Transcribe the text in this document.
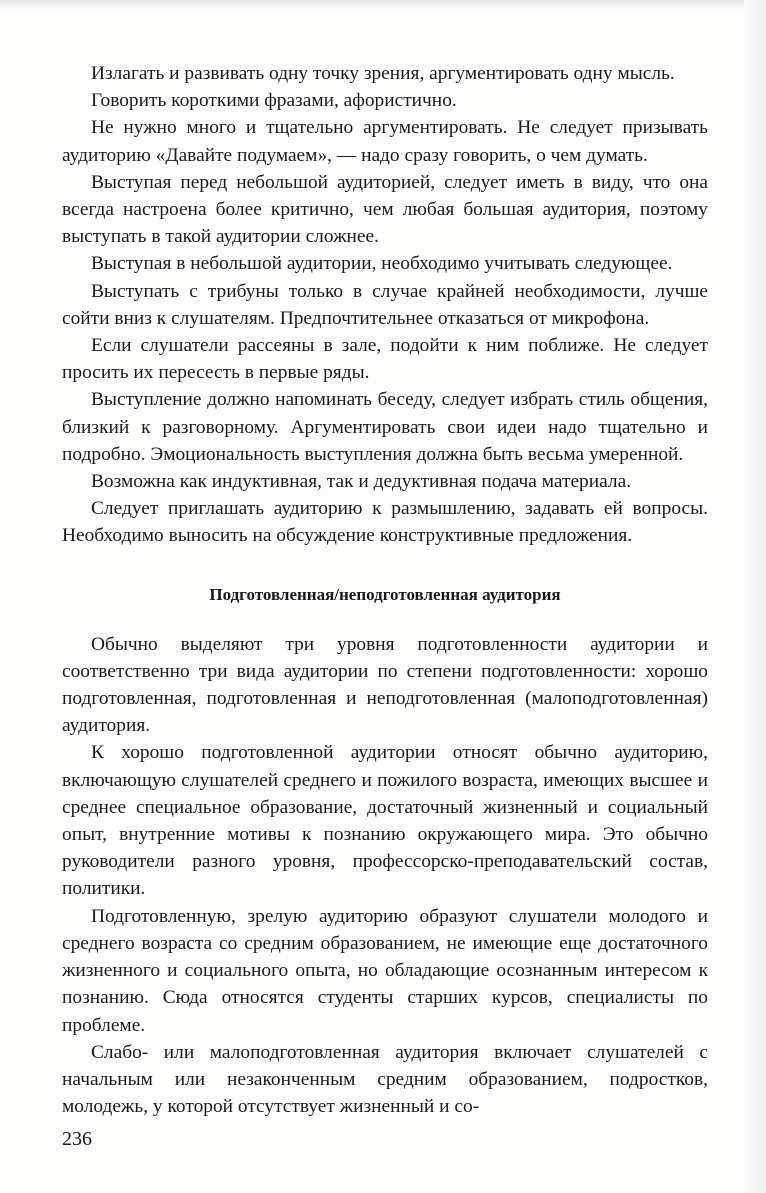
Излагать и развивать одну точку зрения, аргументировать одну мысль.

Говорить короткими фразами, афористично.

Не нужно много и тщательно аргументировать. Не следует призывать аудиторию «Давайте подумаем», — надо сразу говорить, о чем думать.

Выступая перед небольшой аудиторией, следует иметь в виду, что она всегда настроена более критично, чем любая большая аудитория, поэтому выступать в такой аудитории сложнее.

Выступая в небольшой аудитории, необходимо учитывать следующее.

Выступать с трибуны только в случае крайней необходимости, лучше сойти вниз к слушателям. Предпочтительнее отказаться от микрофона.

Если слушатели рассеяны в зале, подойти к ним поближе. Не следует просить их пересесть в первые ряды.

Выступление должно напоминать беседу, следует избрать стиль общения, близкий к разговорному. Аргументировать свои идеи надо тщательно и подробно. Эмоциональность выступления должна быть весьма умеренной.

Возможна как индуктивная, так и дедуктивная подача материала.

Следует приглашать аудиторию к размышлению, задавать ей вопросы. Необходимо выносить на обсуждение конструктивные предложения.

Подготовленная/неподготовленная аудитория

Обычно выделяют три уровня подготовленности аудитории и соответственно три вида аудитории по степени подготовленности: хорошо подготовленная, подготовленная и неподготовленная (малоподготовленная) аудитория.

К хорошо подготовленной аудитории относят обычно аудиторию, включающую слушателей среднего и пожилого возраста, имеющих высшее и среднее специальное образование, достаточный жизненный и социальный опыт, внутренние мотивы к познанию окружающего мира. Это обычно руководители разного уровня, профессорско-преподавательский состав, политики.

Подготовленную, зрелую аудиторию образуют слушатели молодого и среднего возраста со средним образованием, не имеющие еще достаточного жизненного и социального опыта, но обладающие осознанным интересом к познанию. Сюда относятся студенты старших курсов, специалисты по проблеме.

Слабо- или малоподготовленная аудитория включает слушателей с начальным или незаконченным средним образованием, подростков, молодежь, у которой отсутствует жизненный и со-

236
